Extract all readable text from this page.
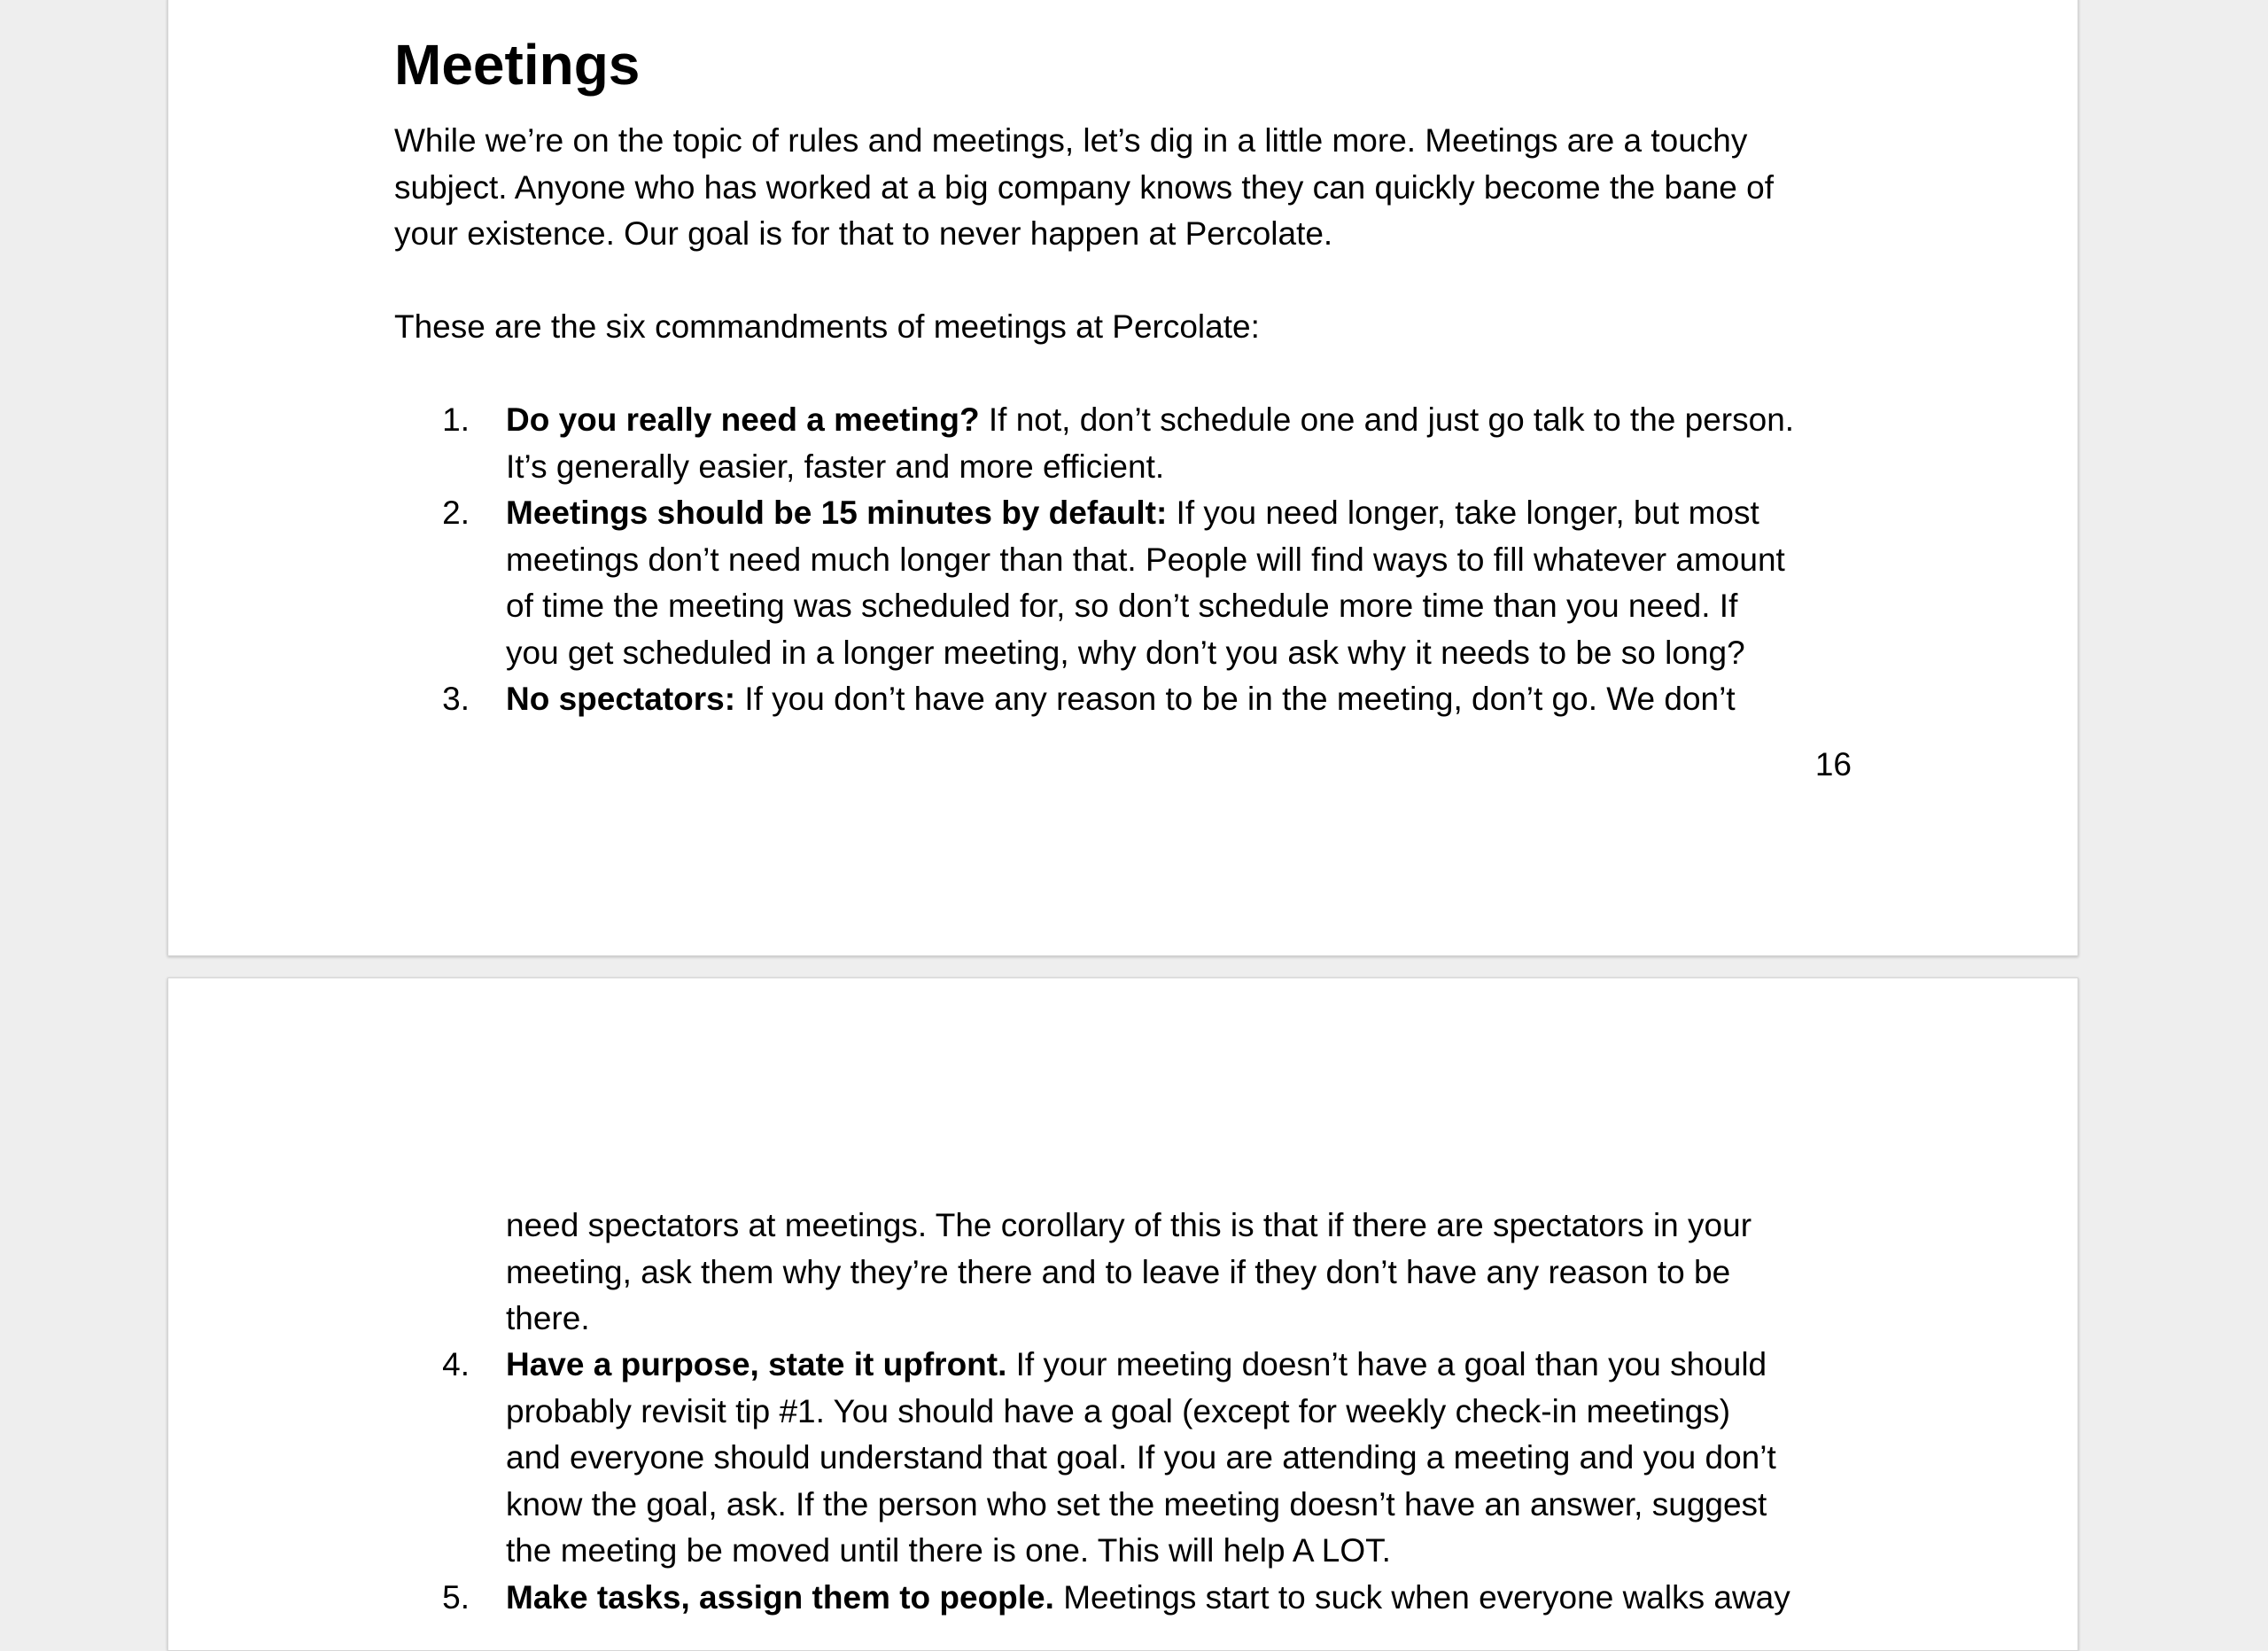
Meetings
While we’re on the topic of rules and meetings, let’s dig in a little more. Meetings are a touchy
subject. Anyone who has worked at a big company knows they can quickly become the bane of
your existence. Our goal is for that to never happen at Percolate.
These are the six commandments of meetings at Percolate:
1. Do you really need a meeting? If not, don’t schedule one and just go talk to the person.
It’s generally easier, faster and more efficient.
2. Meetings should be 15 minutes by default: If you need longer, take longer, but most
meetings don’t need much longer than that. People will find ways to fill whatever amount
of time the meeting was scheduled for, so don’t schedule more time than you need. If
you get scheduled in a longer meeting, why don’t you ask why it needs to be so long?
3. No spectators: If you don’t have any reason to be in the meeting, don’t go. We don’t
16
need spectators at meetings. The corollary of this is that if there are spectators in your
meeting, ask them why they’re there and to leave if they don’t have any reason to be
there.
4. Have a purpose, state it upfront. If your meeting doesn’t have a goal than you should
probably revisit tip #1. You should have a goal (except for weekly check-in meetings)
and everyone should understand that goal. If you are attending a meeting and you don’t
know the goal, ask. If the person who set the meeting doesn’t have an answer, suggest
the meeting be moved until there is one. This will help A LOT.
5. Make tasks, assign them to people. Meetings start to suck when everyone walks away
